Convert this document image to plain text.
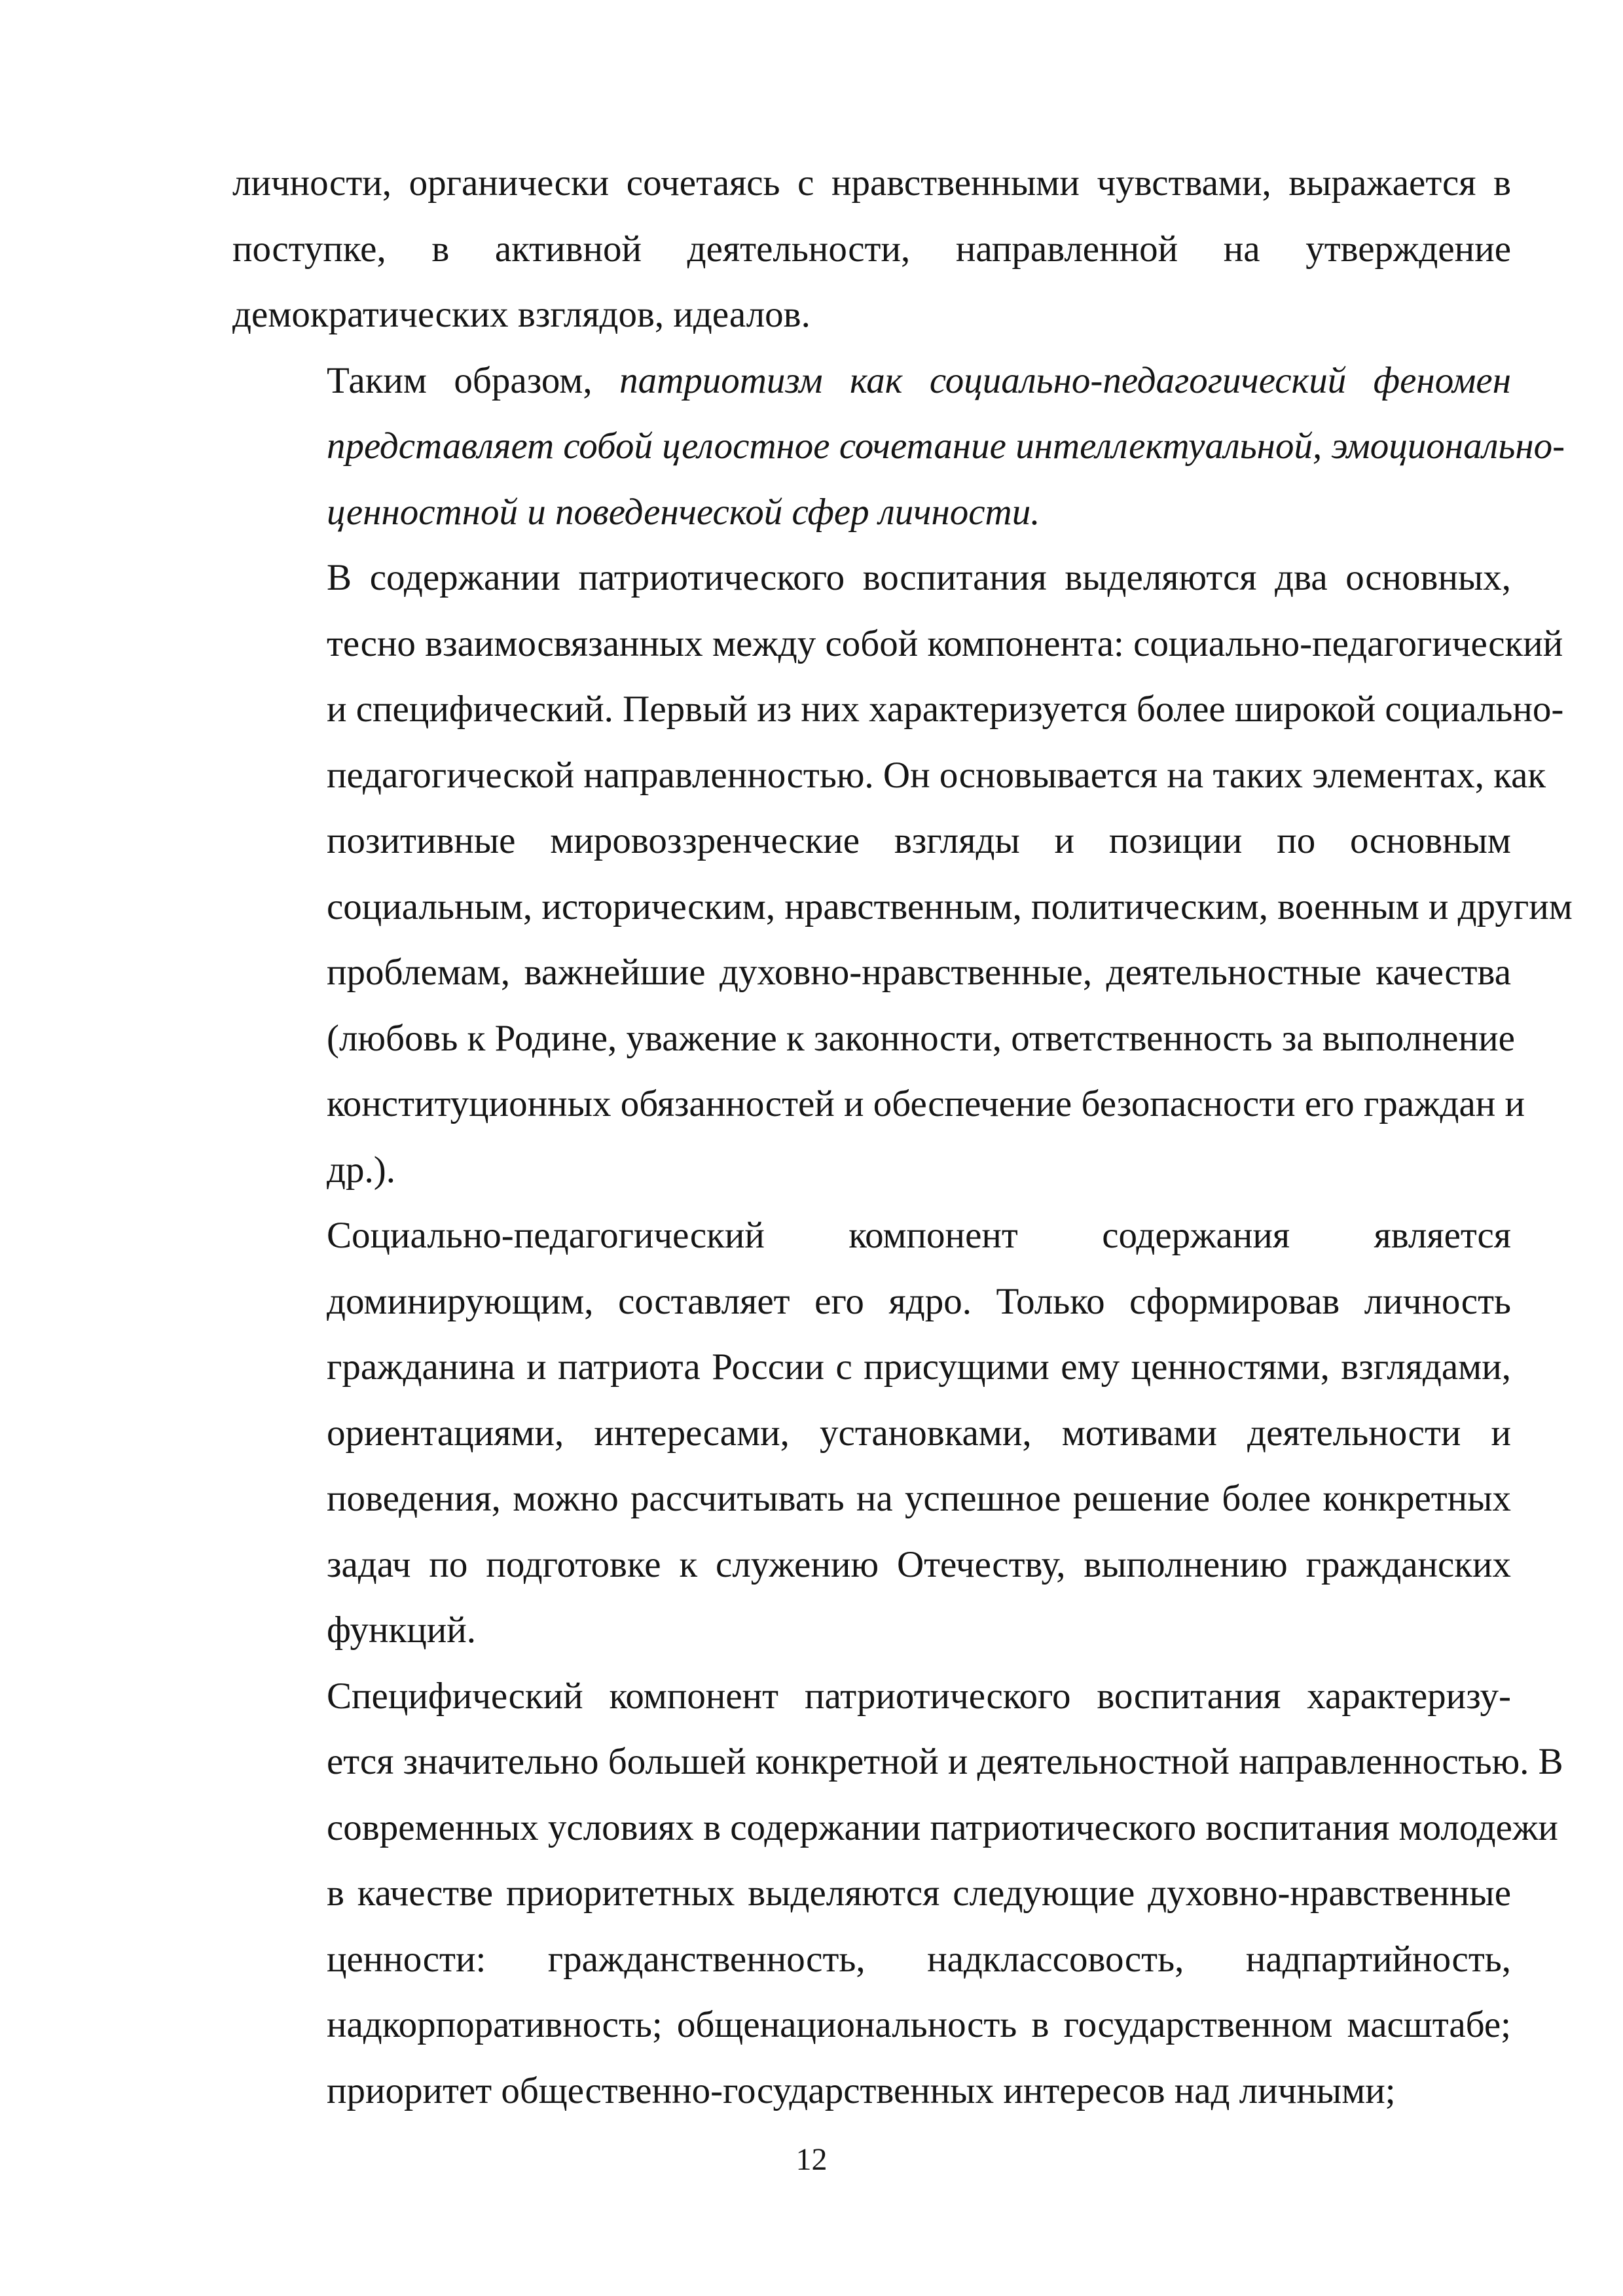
личности, органически сочетаясь с нравственными чувствами, выражается в
поступке, в активной деятельности, направленной на утверждение
демократических взглядов, идеалов.

Таким образом, патриотизм как социально-педагогический феномен
представляет собой целостное сочетание интеллектуальной, эмоционально-
ценностной и поведенческой сфер личности.

В содержании патриотического воспитания выделяются два основных,
тесно взаимосвязанных между собой компонента: социально-педагогический
и специфический. Первый из них характеризуется более широкой социально-
педагогической направленностью. Он основывается на таких элементах, как
позитивные мировоззренческие взгляды и позиции по основным
социальным, историческим, нравственным, политическим, военным и другим
проблемам, важнейшие духовно-нравственные, деятельностные качества
(любовь к Родине, уважение к законности, ответственность за выполнение
конституционных обязанностей и обеспечение безопасности его граждан и
др.).

Социально-педагогический компонент содержания является
доминирующим, составляет его ядро. Только сформировав личность
гражданина и патриота России с присущими ему ценностями, взглядами,
ориентациями, интересами, установками, мотивами деятельности и
поведения, можно рассчитывать на успешное решение более конкретных
задач по подготовке к служению Отечеству, выполнению гражданских
функций.

Специфический компонент патриотического воспитания характеризу-
ется значительно большей конкретной и деятельностной направленностью. В
современных условиях в содержании патриотического воспитания молодежи
в качестве приоритетных выделяются следующие духовно-нравственные
ценности: гражданственность, надклассовость, надпартийность,
надкорпоративность; общенациональность в государственном масштабе;
приоритет общественно-государственных интересов над личными;

12
